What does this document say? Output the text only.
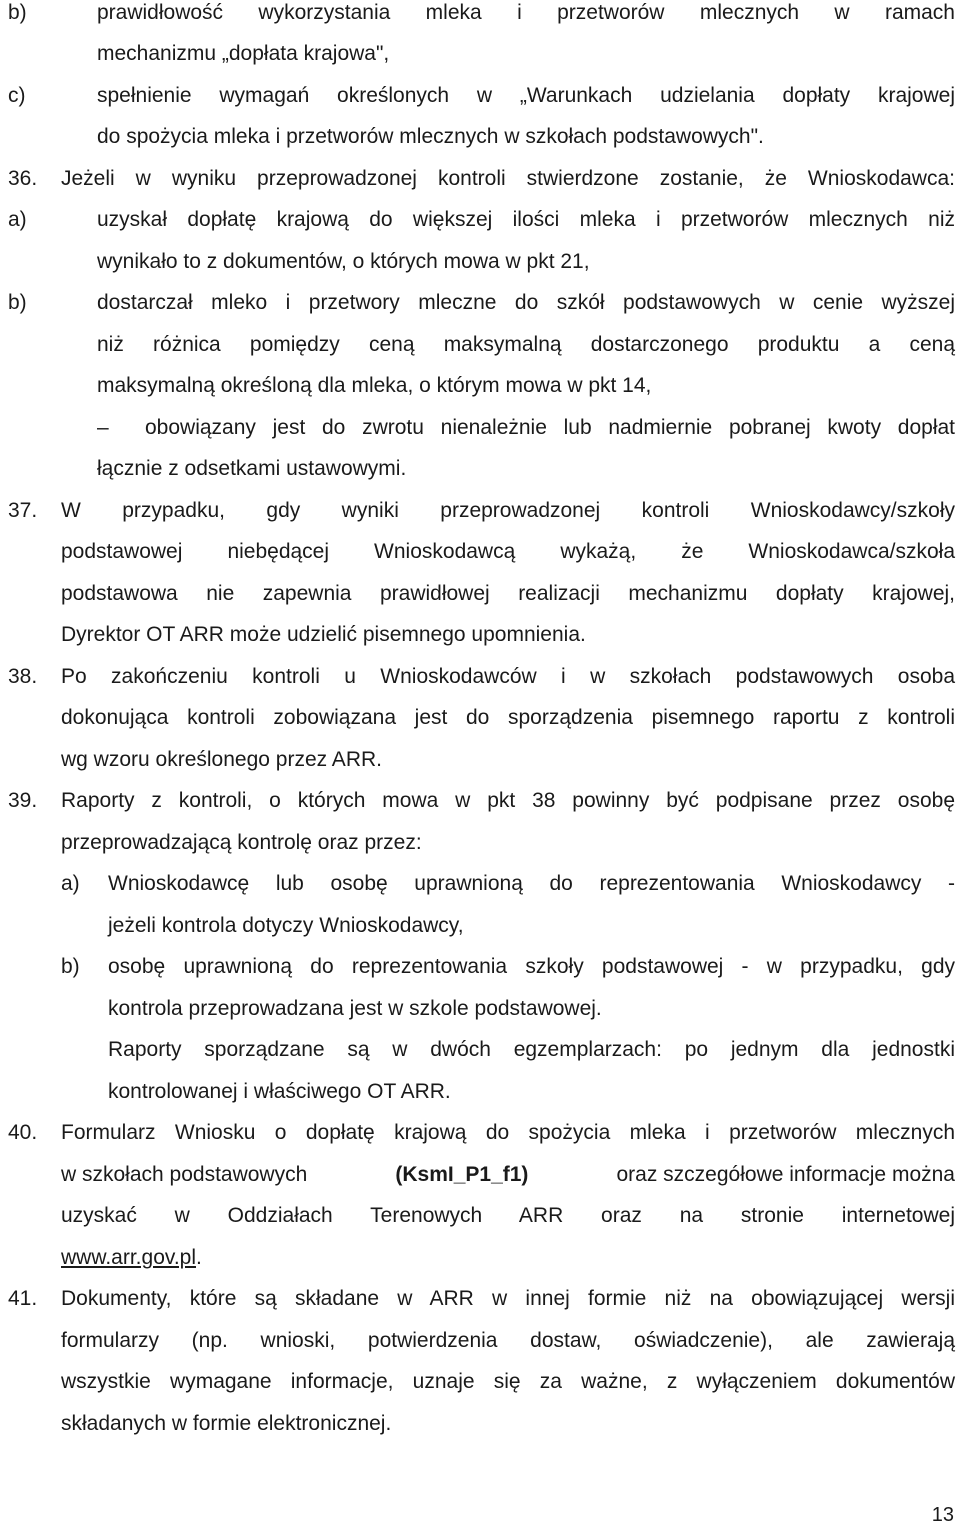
b)	prawidłowość wykorzystania mleka i przetworów mlecznych w ramach
mechanizmu „dopłata krajowa",
c)	spełnienie wymagań określonych w „Warunkach udzielania dopłaty krajowej
do spożycia mleka i przetworów mlecznych w szkołach podstawowych".
36. Jeżeli w wyniku przeprowadzonej kontroli stwierdzone zostanie, że Wnioskodawca:
a)	uzyskał dopłatę krajową do większej ilości mleka i przetworów mlecznych niż
wynikało to z dokumentów, o których mowa w pkt 21,
b)	dostarczał mleko i przetwory mleczne do szkół podstawowych w cenie wyższej
niż różnica pomiędzy ceną maksymalną dostarczonego produktu a ceną
maksymalną określoną dla mleka, o którym mowa w pkt 14,
–	obowiązany jest do zwrotu nienależnie lub nadmiernie pobranej kwoty dopłat
łącznie z odsetkami ustawowymi.
37. W przypadku, gdy wyniki przeprowadzonej kontroli Wnioskodawcy/szkoły
podstawowej niebędącej Wnioskodawcą wykażą, że Wnioskodawca/szkoła
podstawowa nie zapewnia prawidłowej realizacji mechanizmu dopłaty krajowej,
Dyrektor OT ARR może udzielić pisemnego upomnienia.
38. Po zakończeniu kontroli u Wnioskodawców i w szkołach podstawowych osoba
dokonująca kontroli zobowiązana jest do sporządzenia pisemnego raportu z kontroli
wg wzoru określonego przez ARR.
39. Raporty z kontroli, o których mowa w pkt 38 powinny być podpisane przez osobę
przeprowadzającą kontrolę oraz przez:
a) Wnioskodawcę lub osobę uprawnioną do reprezentowania Wnioskodawcy -
jeżeli kontrola dotyczy Wnioskodawcy,
b) osobę uprawnioną do reprezentowania szkoły podstawowej - w przypadku, gdy
kontrola przeprowadzana jest w szkole podstawowej.
Raporty sporządzane są w dwóch egzemplarzach: po jednym dla jednostki
kontrolowanej i właściwego OT ARR.
40. Formularz Wniosku o dopłatę krajową do spożycia mleka i przetworów mlecznych
w szkołach podstawowych	(KsmI_P1_f1)	oraz szczegółowe informacje można
uzyskać w Oddziałach Terenowych ARR oraz na stronie internetowej
www.arr.gov.pl.
41. Dokumenty, które są składane w ARR w innej formie niż na obowiązującej wersji
formularzy (np. wnioski, potwierdzenia dostaw, oświadczenie), ale zawierają
wszystkie wymagane informacje, uznaje się za ważne, z wyłączeniem dokumentów
składanych w formie elektronicznej.
13
